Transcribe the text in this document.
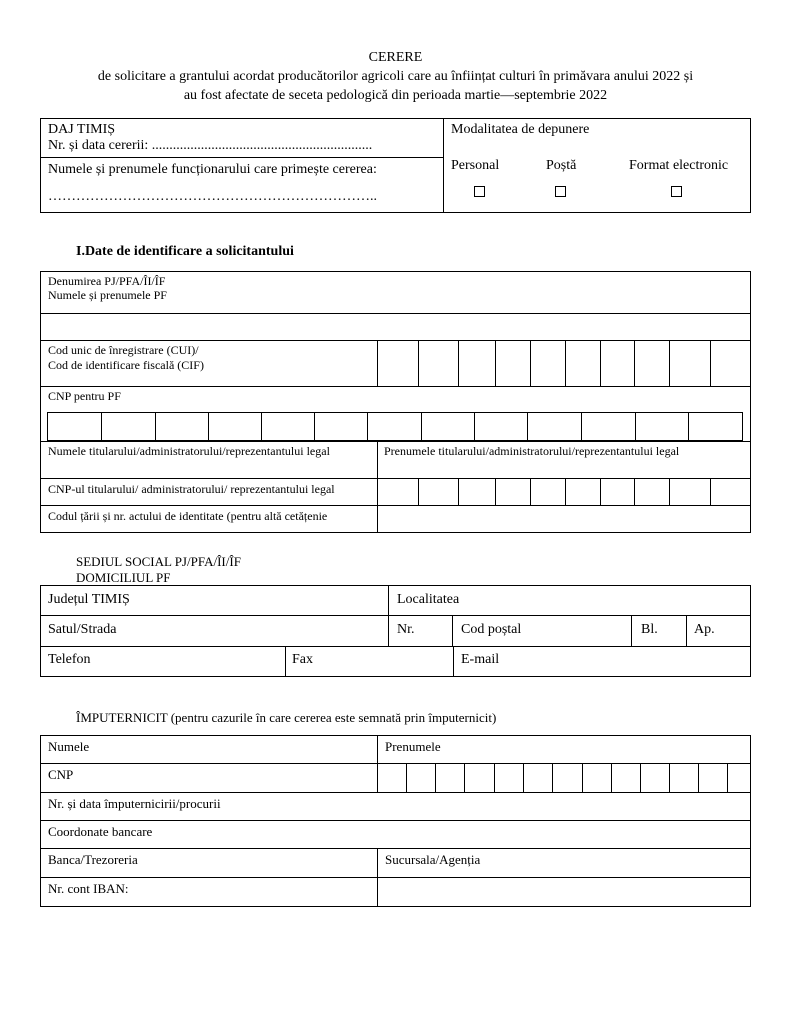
CERERE
de solicitare a grantului acordat producătorilor agricoli care au înființat culturi în primăvara anului 2022 și
au fost afectate de seceta pedologică din perioada martie—septembrie 2022
DAJ TIMIȘ
Nr. și data cererii: ...............................................................
Numele și prenumele funcționarului care primește cererea:
……………………………………………………………..
Modalitatea de depunere
Personal	Poștă	Format electronic
I.Date de identificare a solicitantului
Denumirea PJ/PFA/ÎI/ÎF
Numele și prenumele PF
Cod unic de înregistrare (CUI)/
Cod de identificare fiscală (CIF)
CNP pentru PF
Numele titularului/administratorului/reprezentantului legal	Prenumele titularului/administratorului/reprezentantului legal
CNP-ul titularului/ administratorului/ reprezentantului legal
Codul țării și nr. actului de identitate (pentru altă cetățenie
SEDIUL SOCIAL PJ/PFA/ÎI/ÎF
DOMICILIUL PF
Județul TIMIȘ	Localitatea
Satul/Strada	Nr.	Cod poștal	Bl.	Ap.
Telefon	Fax	E-mail
ÎMPUTERNICIT (pentru cazurile în care cererea este semnată prin împuternicit)
Numele	Prenumele
CNP
Nr. și data împuternicirii/procurii
Coordonate bancare
Banca/Trezoreria	Sucursala/Agenția
Nr. cont IBAN:
